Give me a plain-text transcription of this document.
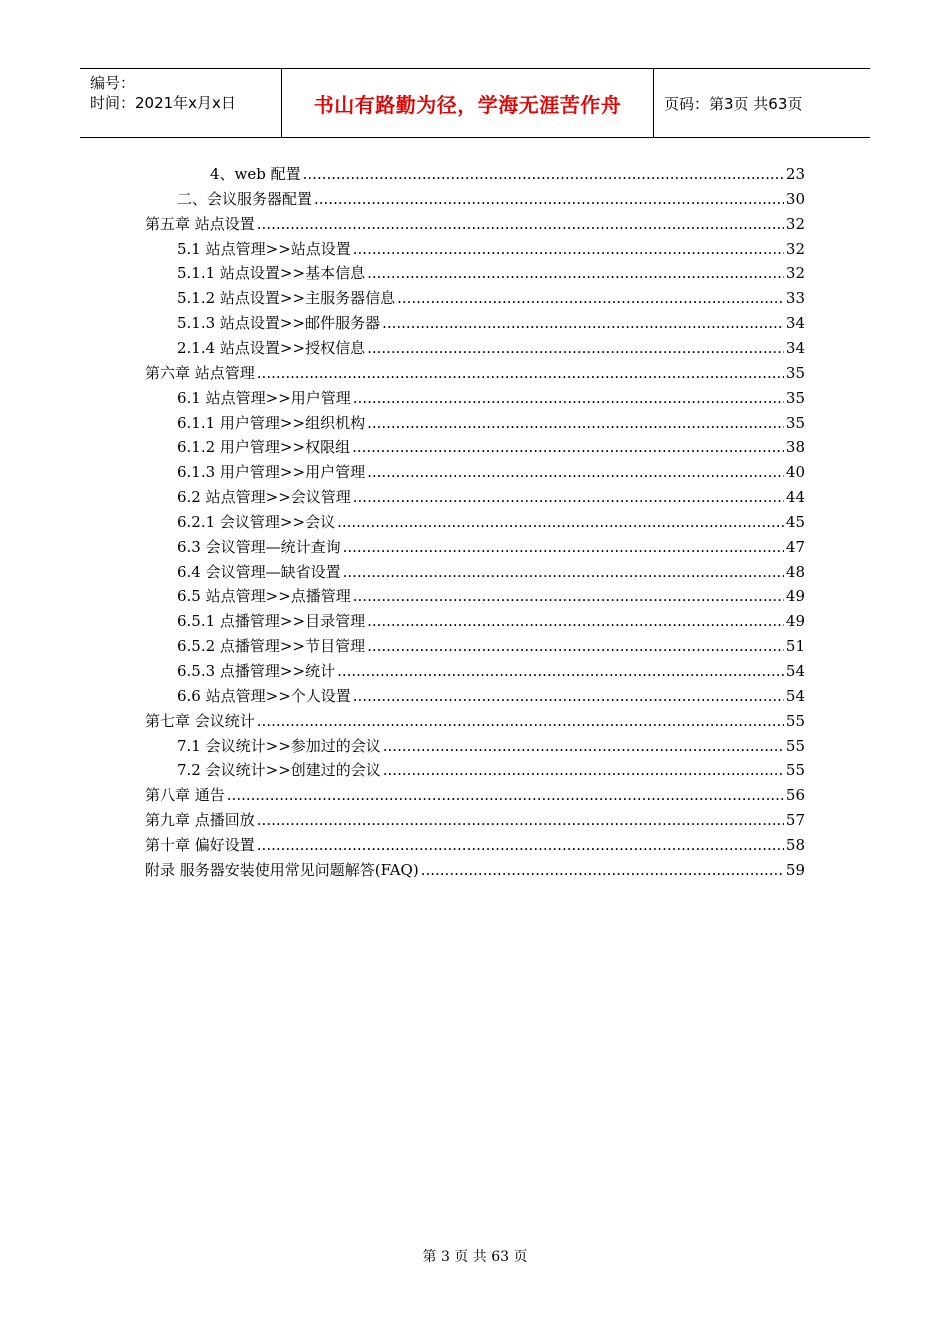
编号：
时间：2021年x月x日	书山有路勤为径，学海无涯苦作舟	页码：第3页 共63页
4、web 配置 .....	23
二、会议服务器配置 .....	30
第五章 站点设置 .....	32
5.1 站点管理>>站点设置 .....	32
5.1.1 站点设置>>基本信息 .....	32
5.1.2 站点设置>>主服务器信息 .....	33
5.1.3 站点设置>>邮件服务器 .....	34
2.1.4 站点设置>>授权信息 .....	34
第六章 站点管理 .....	35
6.1 站点管理>>用户管理 .....	35
6.1.1 用户管理>>组织机构 .....	35
6.1.2 用户管理>>权限组 .....	38
6.1.3 用户管理>>用户管理 .....	40
6.2 站点管理>>会议管理 .....	44
6.2.1 会议管理>>会议 .....	45
6.3 会议管理—统计查询 .....	47
6.4 会议管理—缺省设置 .....	48
6.5 站点管理>>点播管理 .....	49
6.5.1 点播管理>>目录管理 .....	49
6.5.2 点播管理>>节目管理 .....	51
6.5.3 点播管理>>统计 .....	54
6.6 站点管理>>个人设置 .....	54
第七章 会议统计 .....	55
7.1 会议统计>>参加过的会议 .....	55
7.2 会议统计>>创建过的会议 .....	55
第八章 通告 .....	56
第九章 点播回放 .....	57
第十章 偏好设置 .....	58
附录 服务器安装使用常见问题解答(FAQ) .....	59
第 3 页 共 63 页
